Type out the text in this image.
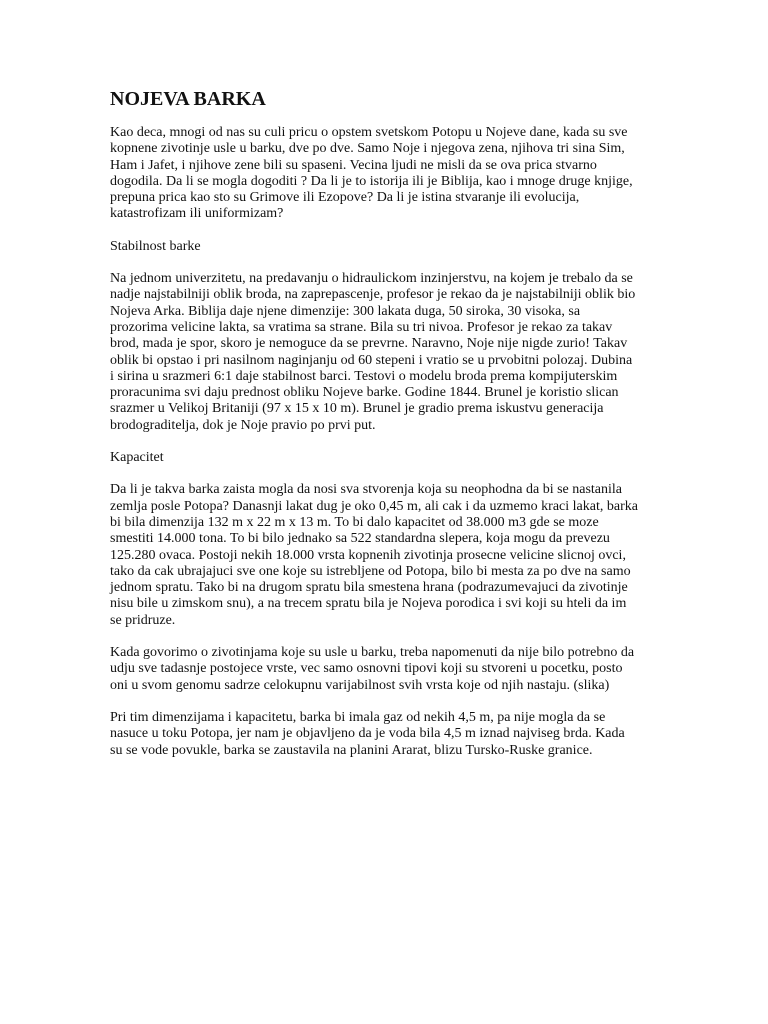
NOJEVA BARKA
Kao deca, mnogi od nas su culi pricu o opstem svetskom Potopu u Nojeve dane, kada su sve
kopnene zivotinje usle u barku, dve po dve. Samo Noje i njegova zena, njihova tri sina Sim,
Ham i Jafet, i njihove zene bili su spaseni. Vecina ljudi ne misli da se ova prica stvarno
dogodila. Da li se mogla dogoditi ? Da li je to istorija ili je Biblija, kao i mnoge druge knjige,
prepuna prica kao sto su Grimove ili Ezopove? Da li je istina stvaranje ili evolucija,
katastrofizam ili uniformizam?
Stabilnost barke
Na jednom univerzitetu, na predavanju o hidraulickom inzinjerstvu, na kojem je trebalo da se
nadje najstabilniji oblik broda, na zaprepascenje, profesor je rekao da je najstabilniji oblik bio
Nojeva Arka. Biblija daje njene dimenzije: 300 lakata duga, 50 siroka, 30 visoka, sa
prozorima velicine lakta, sa vratima sa strane. Bila su tri nivoa. Profesor je rekao za takav
brod, mada je spor, skoro je nemoguce da se prevrne. Naravno, Noje nije nigde zurio! Takav
oblik bi opstao i pri nasilnom naginjanju od 60 stepeni i vratio se u prvobitni polozaj. Dubina
i sirina u srazmeri 6:1 daje stabilnost barci. Testovi o modelu broda prema kompijuterskim
proracunima svi daju prednost obliku Nojeve barke. Godine 1844. Brunel je koristio slican
srazmer u Velikoj Britaniji (97 x 15 x 10 m). Brunel je gradio prema iskustvu generacija
brodograditelja, dok je Noje pravio po prvi put.
Kapacitet
Da li je takva barka zaista mogla da nosi sva stvorenja koja su neophodna da bi se nastanila
zemlja posle Potopa? Danasnji lakat dug je oko 0,45 m, ali cak i da uzmemo kraci lakat, barka
bi bila dimenzija 132 m x 22 m x 13 m. To bi dalo kapacitet od 38.000 m3 gde se moze
smestiti 14.000 tona. To bi bilo jednako sa 522 standardna slepera, koja mogu da prevezu
125.280 ovaca. Postoji nekih 18.000 vrsta kopnenih zivotinja prosecne velicine slicnoj ovci,
tako da cak ubrajajuci sve one koje su istrebljene od Potopa, bilo bi mesta za po dve na samo
jednom spratu. Tako bi na drugom spratu bila smestena hrana (podrazumevajuci da zivotinje
nisu bile u zimskom snu), a na trecem spratu bila je Nojeva porodica i svi koji su hteli da im
se pridruze.
Kada govorimo o zivotinjama koje su usle u barku, treba napomenuti da nije bilo potrebno da
udju sve tadasnje postojece vrste, vec samo osnovni tipovi koji su stvoreni u pocetku, posto
oni u svom genomu sadrze celokupnu varijabilnost svih vrsta koje od njih nastaju. (slika)
Pri tim dimenzijama i kapacitetu, barka bi imala gaz od nekih 4,5 m, pa nije mogla da se
nasuce u toku Potopa, jer nam je objavljeno da je voda bila 4,5 m iznad najviseg brda. Kada
su se vode povukle, barka se zaustavila na planini Ararat, blizu Tursko-Ruske granice.
